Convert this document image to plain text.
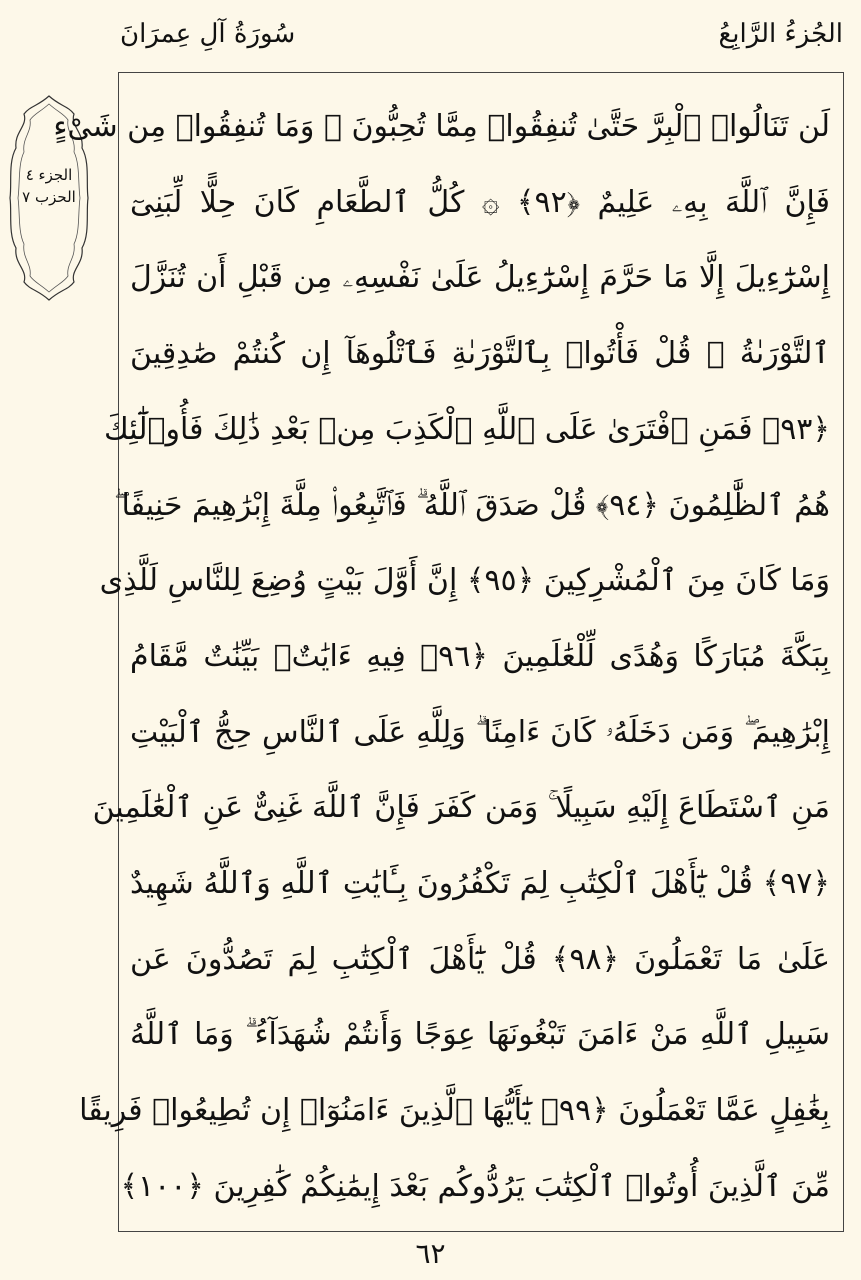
الجُزءُ الرَّابِعُ
سُورَةُ آلِ عِمرَانَ
الجزء ٤
الحزب ٧
لَن تَنَالُوا۟ ٱلْبِرَّ حَتَّىٰ تُنفِقُوا۟ مِمَّا تُحِبُّونَ ۚ وَمَا تُنفِقُوا۟ مِن شَىْءٍ
فَإِنَّ ٱللَّهَ بِهِۦ عَلِيمٌ ﴿٩٢﴾ ۞ كُلُّ ٱلطَّعَامِ كَانَ حِلًّا لِّبَنِىٓ
إِسْرَٰٓءِيلَ إِلَّا مَا حَرَّمَ إِسْرَٰٓءِيلُ عَلَىٰ نَفْسِهِۦ مِن قَبْلِ أَن تُنَزَّلَ
ٱلتَّوْرَىٰةُ ۗ قُلْ فَأْتُوا۟ بِٱلتَّوْرَىٰةِ فَٱتْلُوهَآ إِن كُنتُمْ صَٰدِقِينَ
﴿٩٣﴾ فَمَنِ ٱفْتَرَىٰ عَلَى ٱللَّهِ ٱلْكَذِبَ مِنۢ بَعْدِ ذَٰلِكَ فَأُو۟لَٰٓئِكَ
هُمُ ٱلظَّٰلِمُونَ ﴿٩٤﴾ قُلْ صَدَقَ ٱللَّهُ ۗ فَٱتَّبِعُوا۟ مِلَّةَ إِبْرَٰهِيمَ حَنِيفًا ۖ
وَمَا كَانَ مِنَ ٱلْمُشْرِكِينَ ﴿٩٥﴾ إِنَّ أَوَّلَ بَيْتٍ وُضِعَ لِلنَّاسِ لَلَّذِى
بِبَكَّةَ مُبَارَكًا وَهُدًى لِّلْعَٰلَمِينَ ﴿٩٦﴾ فِيهِ ءَايَٰتٌۢ بَيِّنَٰتٌ مَّقَامُ
إِبْرَٰهِيمَ ۖ وَمَن دَخَلَهُۥ كَانَ ءَامِنًا ۗ وَلِلَّهِ عَلَى ٱلنَّاسِ حِجُّ ٱلْبَيْتِ
مَنِ ٱسْتَطَاعَ إِلَيْهِ سَبِيلًا ۚ وَمَن كَفَرَ فَإِنَّ ٱللَّهَ غَنِىٌّ عَنِ ٱلْعَٰلَمِينَ
﴿٩٧﴾ قُلْ يَٰٓأَهْلَ ٱلْكِتَٰبِ لِمَ تَكْفُرُونَ بِـَٔايَٰتِ ٱللَّهِ وَٱللَّهُ شَهِيدٌ
عَلَىٰ مَا تَعْمَلُونَ ﴿٩٨﴾ قُلْ يَٰٓأَهْلَ ٱلْكِتَٰبِ لِمَ تَصُدُّونَ عَن
سَبِيلِ ٱللَّهِ مَنْ ءَامَنَ تَبْغُونَهَا عِوَجًا وَأَنتُمْ شُهَدَآءُ ۗ وَمَا ٱللَّهُ
بِغَٰفِلٍ عَمَّا تَعْمَلُونَ ﴿٩٩﴾ يَٰٓأَيُّهَا ٱلَّذِينَ ءَامَنُوٓا۟ إِن تُطِيعُوا۟ فَرِيقًا
مِّنَ ٱلَّذِينَ أُوتُوا۟ ٱلْكِتَٰبَ يَرُدُّوكُم بَعْدَ إِيمَٰنِكُمْ كَٰفِرِينَ ﴿١٠٠﴾
٦٢
